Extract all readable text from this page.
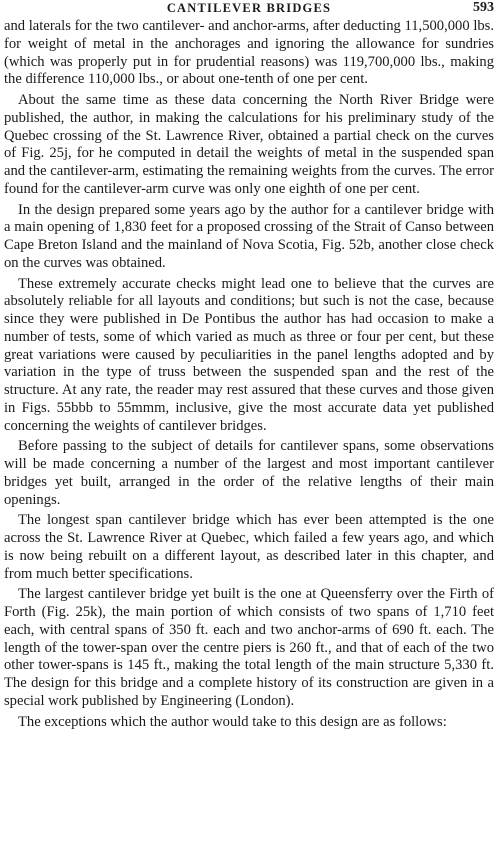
CANTILEVER BRIDGES	593

and laterals for the two cantilever- and anchor-arms, after deducting 11,500,000 lbs. for weight of metal in the anchorages and ignoring the allowance for sundries (which was properly put in for prudential reasons) was 119,700,000 lbs., making the difference 110,000 lbs., or about one-tenth of one per cent.

About the same time as these data concerning the North River Bridge were published, the author, in making the calculations for his preliminary study of the Quebec crossing of the St. Lawrence River, obtained a partial check on the curves of Fig. 25j, for he computed in detail the weights of metal in the suspended span and the cantilever-arm, estimating the remaining weights from the curves. The error found for the cantilever-arm curve was only one eighth of one per cent.

In the design prepared some years ago by the author for a cantilever bridge with a main opening of 1,830 feet for a proposed crossing of the Strait of Canso between Cape Breton Island and the mainland of Nova Scotia, Fig. 52b, another close check on the curves was obtained.

These extremely accurate checks might lead one to believe that the curves are absolutely reliable for all layouts and conditions; but such is not the case, because since they were published in De Pontibus the author has had occasion to make a number of tests, some of which varied as much as three or four per cent, but these great variations were caused by peculiarities in the panel lengths adopted and by variation in the type of truss between the suspended span and the rest of the structure. At any rate, the reader may rest assured that these curves and those given in Figs. 55bbb to 55mmm, inclusive, give the most accurate data yet published concerning the weights of cantilever bridges.

Before passing to the subject of details for cantilever spans, some observations will be made concerning a number of the largest and most important cantilever bridges yet built, arranged in the order of the relative lengths of their main openings.

The longest span cantilever bridge which has ever been attempted is the one across the St. Lawrence River at Quebec, which failed a few years ago, and which is now being rebuilt on a different layout, as described later in this chapter, and from much better specifications.

The largest cantilever bridge yet built is the one at Queensferry over the Firth of Forth (Fig. 25k), the main portion of which consists of two spans of 1,710 feet each, with central spans of 350 ft. each and two anchor-arms of 690 ft. each. The length of the tower-span over the centre piers is 260 ft., and that of each of the two other tower-spans is 145 ft., making the total length of the main structure 5,330 ft. The design for this bridge and a complete history of its construction are given in a special work published by Engineering (London).

The exceptions which the author would take to this design are as follows:
